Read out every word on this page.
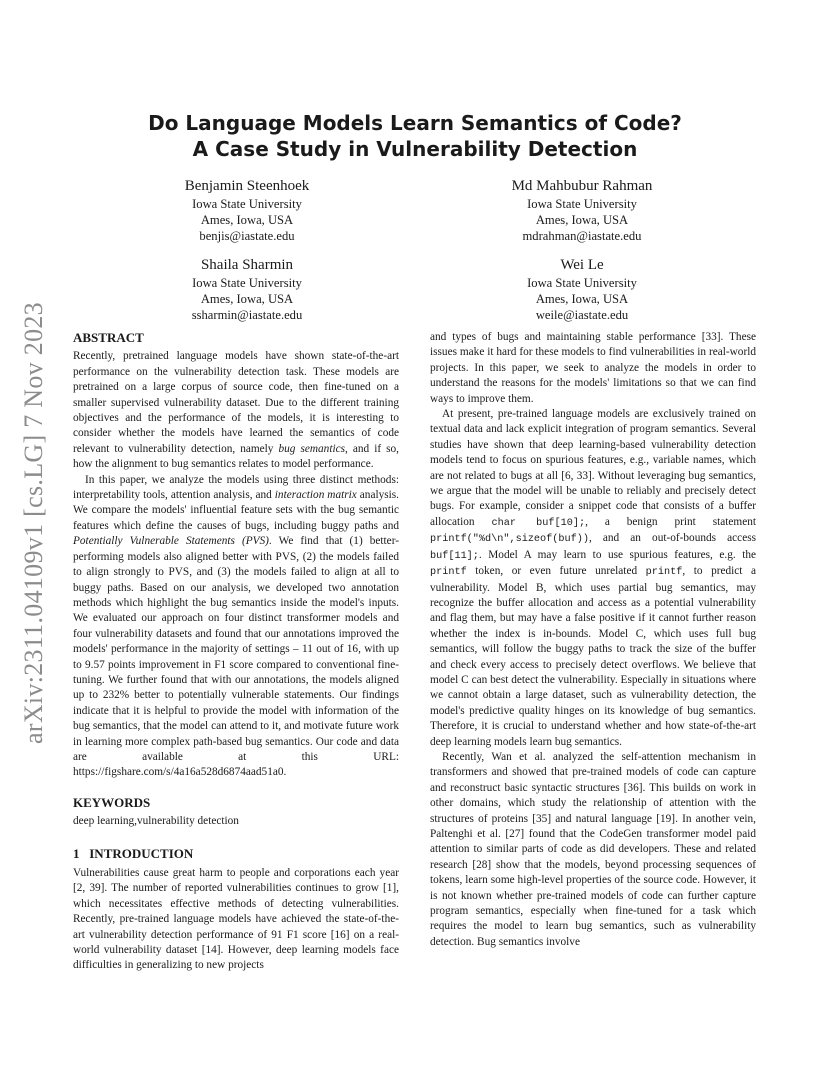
arXiv:2311.04109v1 [cs.LG] 7 Nov 2023
Do Language Models Learn Semantics of Code?
A Case Study in Vulnerability Detection
Benjamin Steenhoek
Iowa State University
Ames, Iowa, USA
benjis@iastate.edu
Md Mahbubur Rahman
Iowa State University
Ames, Iowa, USA
mdrahman@iastate.edu
Shaila Sharmin
Iowa State University
Ames, Iowa, USA
ssharmin@iastate.edu
Wei Le
Iowa State University
Ames, Iowa, USA
weile@iastate.edu
ABSTRACT

Recently, pretrained language models have shown state-of-the-art performance on the vulnerability detection task. These models are pretrained on a large corpus of source code, then fine-tuned on a smaller supervised vulnerability dataset. Due to the different training objectives and the performance of the models, it is interesting to consider whether the models have learned the semantics of code relevant to vulnerability detection, namely bug semantics, and if so, how the alignment to bug semantics relates to model performance.

In this paper, we analyze the models using three distinct methods: interpretability tools, attention analysis, and interaction matrix analysis. We compare the models' influential feature sets with the bug semantic features which define the causes of bugs, including buggy paths and Potentially Vulnerable Statements (PVS). We find that (1) better-performing models also aligned better with PVS, (2) the models failed to align strongly to PVS, and (3) the models failed to align at all to buggy paths. Based on our analysis, we developed two annotation methods which highlight the bug semantics inside the model's inputs. We evaluated our approach on four distinct transformer models and four vulnerability datasets and found that our annotations improved the models' performance in the majority of settings – 11 out of 16, with up to 9.57 points improvement in F1 score compared to conventional fine-tuning. We further found that with our annotations, the models aligned up to 232% better to potentially vulnerable statements. Our findings indicate that it is helpful to provide the model with information of the bug semantics, that the model can attend to it, and motivate future work in learning more complex path-based bug semantics. Our code and data are available at this URL: https://figshare.com/s/4a16a528d6874aad51a0.

KEYWORDS

deep learning,vulnerability detection

1   INTRODUCTION

Vulnerabilities cause great harm to people and corporations each year [2, 39]. The number of reported vulnerabilities continues to grow [1], which necessitates effective methods of detecting vulnerabilities. Recently, pre-trained language models have achieved the state-of-the-art vulnerability detection performance of 91 F1 score [16] on a real-world vulnerability dataset [14]. However, deep learning models face difficulties in generalizing to new projects

and types of bugs and maintaining stable performance [33]. These issues make it hard for these models to find vulnerabilities in real-world projects. In this paper, we seek to analyze the models in order to understand the reasons for the models' limitations so that we can find ways to improve them.

At present, pre-trained language models are exclusively trained on textual data and lack explicit integration of program semantics. Several studies have shown that deep learning-based vulnerability detection models tend to focus on spurious features, e.g., variable names, which are not related to bugs at all [6, 33]. Without leveraging bug semantics, we argue that the model will be unable to reliably and precisely detect bugs. For example, consider a snippet code that consists of a buffer allocation char buf[10];, a benign print statement printf("%d\n",sizeof(buf)), and an out-of-bounds access buf[11];. Model A may learn to use spurious features, e.g. the printf token, or even future unrelated printf, to predict a vulnerability. Model B, which uses partial bug semantics, may recognize the buffer allocation and access as a potential vulnerability and flag them, but may have a false positive if it cannot further reason whether the index is in-bounds. Model C, which uses full bug semantics, will follow the buggy paths to track the size of the buffer and check every access to precisely detect overflows. We believe that model C can best detect the vulnerability. Especially in situations where we cannot obtain a large dataset, such as vulnerability detection, the model's predictive quality hinges on its knowledge of bug semantics. Therefore, it is crucial to understand whether and how state-of-the-art deep learning models learn bug semantics.

Recently, Wan et al. analyzed the self-attention mechanism in transformers and showed that pre-trained models of code can capture and reconstruct basic syntactic structures [36]. This builds on work in other domains, which study the relationship of attention with the structures of proteins [35] and natural language [19]. In another vein, Paltenghi et al. [27] found that the CodeGen transformer model paid attention to similar parts of code as did developers. These and related research [28] show that the models, beyond processing sequences of tokens, learn some high-level properties of the source code. However, it is not known whether pre-trained models of code can further capture program semantics, especially when fine-tuned for a task which requires the model to learn bug semantics, such as vulnerability detection. Bug semantics involve
